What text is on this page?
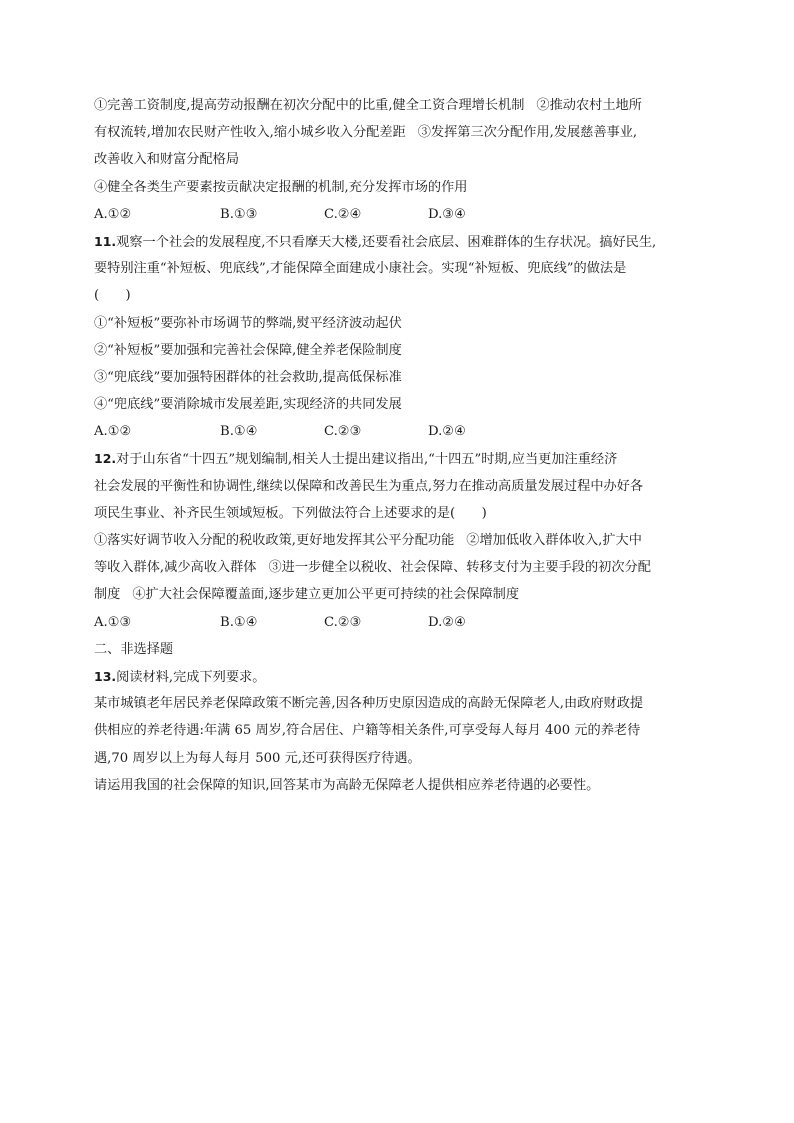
①完善工资制度,提高劳动报酬在初次分配中的比重,健全工资合理增长机制 ②推动农村土地所
有权流转,增加农民财产性收入,缩小城乡收入分配差距 ③发挥第三次分配作用,发展慈善事业,
改善收入和财富分配格局
④健全各类生产要素按贡献决定报酬的机制,充分发挥市场的作用
A.①②	B.①③	C.②④	D.③④
11.观察一个社会的发展程度,不只看摩天大楼,还要看社会底层、困难群体的生存状况。搞好民生,
要特别注重“补短板、兜底线”,才能保障全面建成小康社会。实现“补短板、兜底线”的做法是
(　　)
①“补短板”要弥补市场调节的弊端,熨平经济波动起伏
②“补短板”要加强和完善社会保障,健全养老保险制度
③“兜底线”要加强特困群体的社会救助,提高低保标准
④“兜底线”要消除城市发展差距,实现经济的共同发展
A.①②	B.①④	C.②③	D.②④
12.对于山东省“十四五”规划编制,相关人士提出建议指出,“十四五”时期,应当更加注重经济
社会发展的平衡性和协调性,继续以保障和改善民生为重点,努力在推动高质量发展过程中办好各
项民生事业、补齐民生领域短板。下列做法符合上述要求的是(　　)
①落实好调节收入分配的税收政策,更好地发挥其公平分配功能 ②增加低收入群体收入,扩大中
等收入群体,减少高收入群体 ③进一步健全以税收、社会保障、转移支付为主要手段的初次分配
制度 ④扩大社会保障覆盖面,逐步建立更加公平更可持续的社会保障制度
A.①③	B.①④	C.②③	D.②④
二、非选择题
13.阅读材料,完成下列要求。
某市城镇老年居民养老保障政策不断完善,因各种历史原因造成的高龄无保障老人,由政府财政提
供相应的养老待遇:年满 65 周岁,符合居住、户籍等相关条件,可享受每人每月 400 元的养老待
遇,70 周岁以上为每人每月 500 元,还可获得医疗待遇。
请运用我国的社会保障的知识,回答某市为高龄无保障老人提供相应养老待遇的必要性。
